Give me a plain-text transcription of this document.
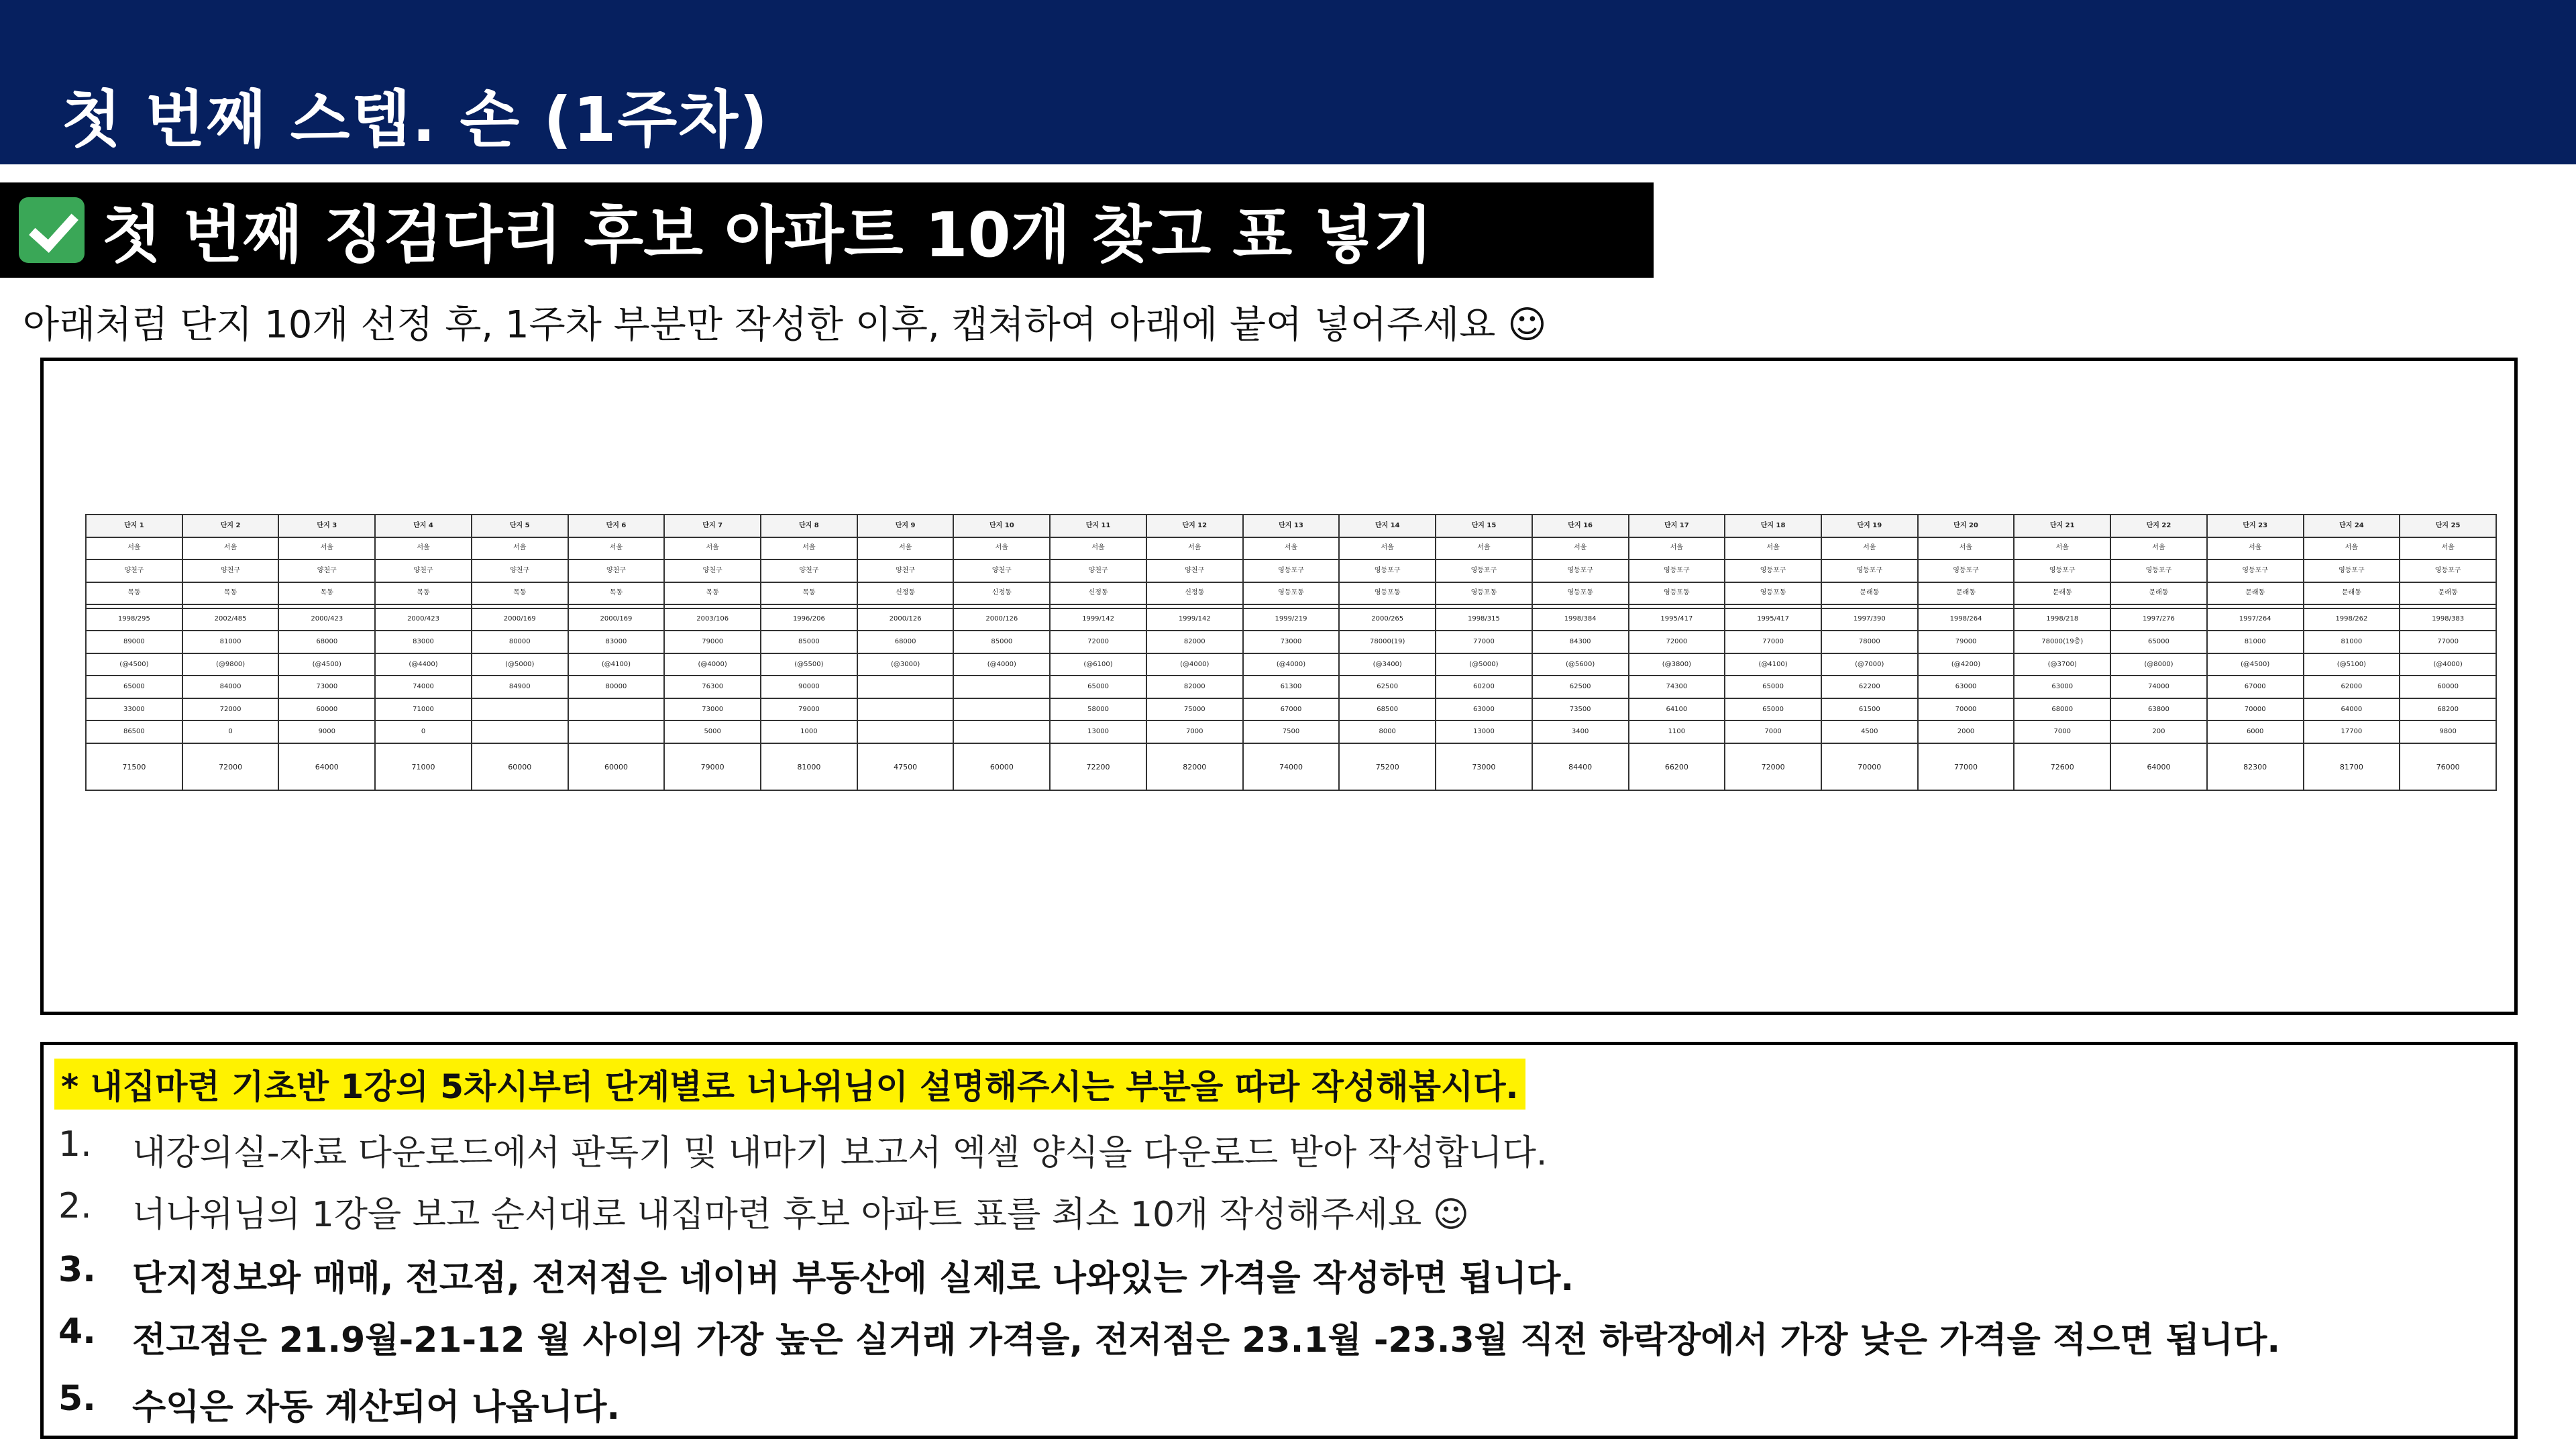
첫 번째 스텝. 손 (1주차)
첫 번째 징검다리 후보 아파트 10개 찾고 표 넣기
아래처럼 단지 10개 선정 후, 1주차 부분만 작성한 이후, 캡쳐하여 아래에 붙여 넣어주세요 ☺
단지 1	단지 2	단지 3	단지 4	단지 5	단지 6	단지 7	단지 8	단지 9	단지 10	단지 11	단지 12	단지 13	단지 14	단지 15	단지 16	단지 17	단지 18	단지 19	단지 20	단지 21	단지 22	단지 23	단지 24	단지 25
서울	서울	서울	서울	서울	서울	서울	서울	서울	서울	서울	서울	서울	서울	서울	서울	서울	서울	서울	서울	서울	서울	서울	서울	서울
양천구	양천구	양천구	양천구	양천구	양천구	양천구	양천구	양천구	양천구	양천구	양천구	영등포구	영등포구	영등포구	영등포구	영등포구	영등포구	영등포구	영등포구	영등포구	영등포구	영등포구	영등포구	영등포구
목동	목동	목동	목동	목동	목동	목동	목동	신정동	신정동	신정동	신정동	영등포동	영등포동	영등포동	영등포동	영등포동	영등포동	문래동	문래동	문래동	문래동	문래동	문래동	문래동

1998/295	2002/485	2000/423	2000/423	2000/169	2000/169	2003/106	1996/206	2000/126	2000/126	1999/142	1999/142	1999/219	2000/265	1998/315	1998/384	1995/417	1995/417	1997/390	1998/264	1998/218	1997/276	1997/264	1998/262	1998/383
89000	81000	68000	83000	80000	83000	79000	85000	68000	85000	72000	82000	73000	78000(19)	77000	84300	72000	77000	78000	79000	78000(19층)	65000	81000	81000	77000
(@4500)	(@9800)	(@4500)	(@4400)	(@5000)	(@4100)	(@4000)	(@5500)	(@3000)	(@4000)	(@6100)	(@4000)	(@4000)	(@3400)	(@5000)	(@5600)	(@3800)	(@4100)	(@7000)	(@4200)	(@3700)	(@8000)	(@4500)	(@5100)	(@4000)
65000	84000	73000	74000	84900	80000	76300	90000			65000	82000	61300	62500	60200	62500	74300	65000	62200	63000	63000	74000	67000	62000	60000
33000	72000	60000	71000			73000	79000			58000	75000	67000	68500	63000	73500	64100	65000	61500	70000	68000	63800	70000	64000	68200
86500	0	9000	0			5000	1000			13000	7000	7500	8000	13000	3400	1100	7000	4500	2000	7000	200	6000	17700	9800
71500	72000	64000	71000	60000	60000	79000	81000	47500	60000	72200	82000	74000	75200	73000	84400	66200	72000	70000	77000	72600	64000	82300	81700	76000
* 내집마련 기초반 1강의 5차시부터 단계별로 너나위님이 설명해주시는 부분을 따라 작성해봅시다.
1.	내강의실-자료 다운로드에서 판독기 및 내마기 보고서 엑셀 양식을 다운로드 받아 작성합니다.
2.	너나위님의 1강을 보고 순서대로 내집마련 후보 아파트 표를 최소 10개 작성해주세요 ☺
3.	단지정보와 매매, 전고점, 전저점은 네이버 부동산에 실제로 나와있는 가격을 작성하면 됩니다.
4.	전고점은 21.9월-21-12 월 사이의 가장 높은 실거래 가격을, 전저점은 23.1월 -23.3월 직전 하락장에서 가장 낮은 가격을 적으면 됩니다.
5.	수익은 자동 계산되어 나옵니다.
